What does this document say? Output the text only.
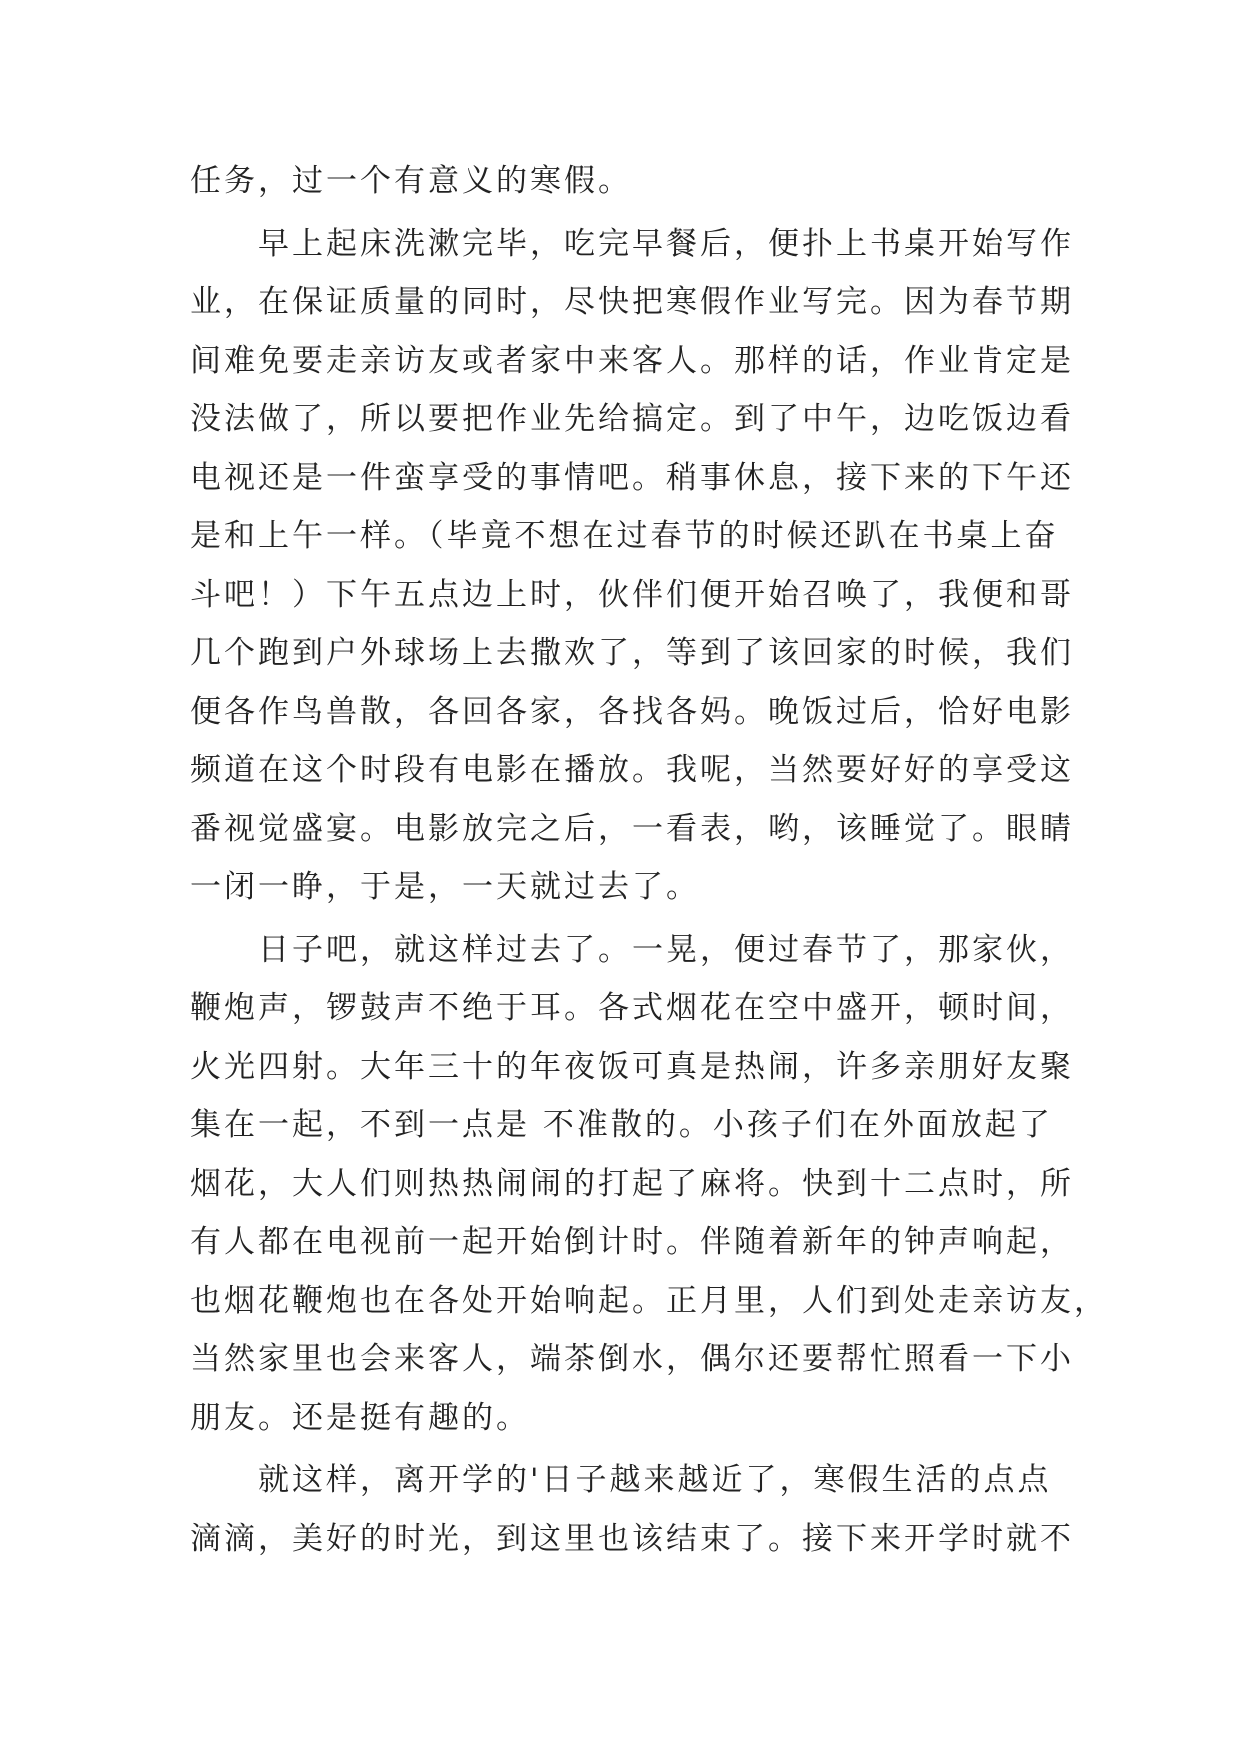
任务，过一个有意义的寒假。
　　早上起床洗漱完毕，吃完早餐后，便扑上书桌开始写作
业，在保证质量的同时，尽快把寒假作业写完。因为春节期
间难免要走亲访友或者家中来客人。那样的话，作业肯定是
没法做了，所以要把作业先给搞定。到了中午，边吃饭边看
电视还是一件蛮享受的事情吧。稍事休息，接下来的下午还
是和上午一样。（毕竟不想在过春节的时候还趴在书桌上奋
斗吧！）下午五点边上时，伙伴们便开始召唤了，我便和哥
几个跑到户外球场上去撒欢了，等到了该回家的时候，我们
便各作鸟兽散，各回各家，各找各妈。晚饭过后，恰好电影
频道在这个时段有电影在播放。我呢，当然要好好的享受这
番视觉盛宴。电影放完之后，一看表，哟，该睡觉了。眼睛
一闭一睁，于是，一天就过去了。
　　日子吧，就这样过去了。一晃，便过春节了，那家伙，
鞭炮声，锣鼓声不绝于耳。各式烟花在空中盛开，顿时间，
火光四射。大年三十的年夜饭可真是热闹，许多亲朋好友聚
集在一起，不到一点是 不准散的。小孩子们在外面放起了
烟花，大人们则热热闹闹的打起了麻将。快到十二点时，所
有人都在电视前一起开始倒计时。伴随着新年的钟声响起，
也烟花鞭炮也在各处开始响起。正月里，人们到处走亲访友，
当然家里也会来客人，端茶倒水，偶尔还要帮忙照看一下小
朋友。还是挺有趣的。
　　就这样，离开学的'日子越来越近了，寒假生活的点点
滴滴，美好的时光，到这里也该结束了。接下来开学时就不
